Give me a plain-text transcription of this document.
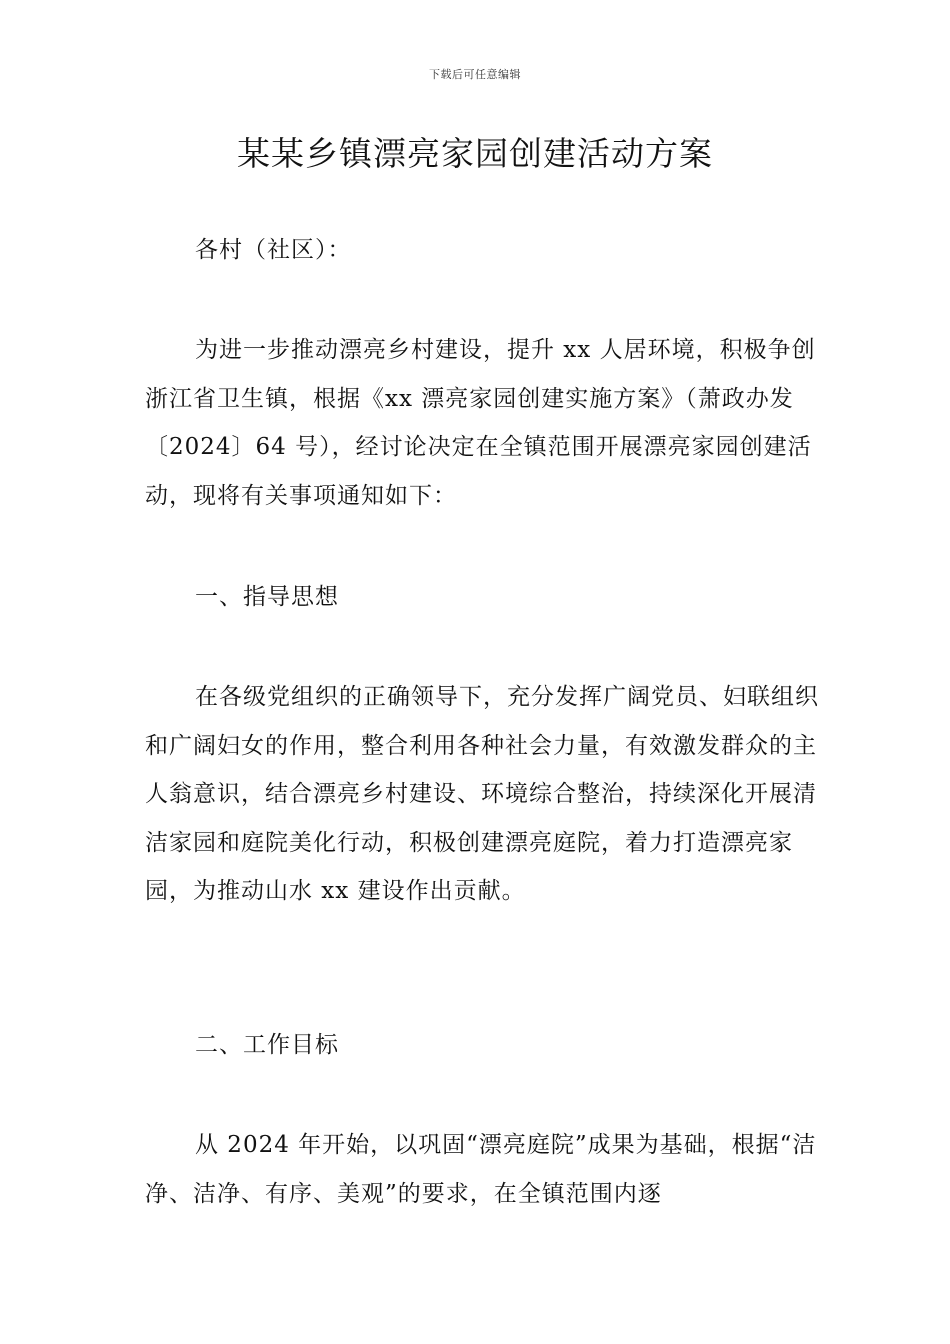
下载后可任意编辑
某某乡镇漂亮家园创建活动方案

各村（社区）：

为进一步推动漂亮乡村建设，提升 xx 人居环境，积极争创浙江省卫生镇，根据《xx 漂亮家园创建实施方案》（萧政办发〔2024〕64 号），经讨论决定在全镇范围开展漂亮家园创建活动，现将有关事项通知如下：

一、指导思想

在各级党组织的正确领导下，充分发挥广阔党员、妇联组织和广阔妇女的作用，整合利用各种社会力量，有效激发群众的主人翁意识，结合漂亮乡村建设、环境综合整治，持续深化开展清洁家园和庭院美化行动，积极创建漂亮庭院，着力打造漂亮家园，为推动山水 xx 建设作出贡献。

二、工作目标

从 2024 年开始，以巩固“漂亮庭院”成果为基础，根据“洁净、洁净、有序、美观”的要求，在全镇范围内逐
